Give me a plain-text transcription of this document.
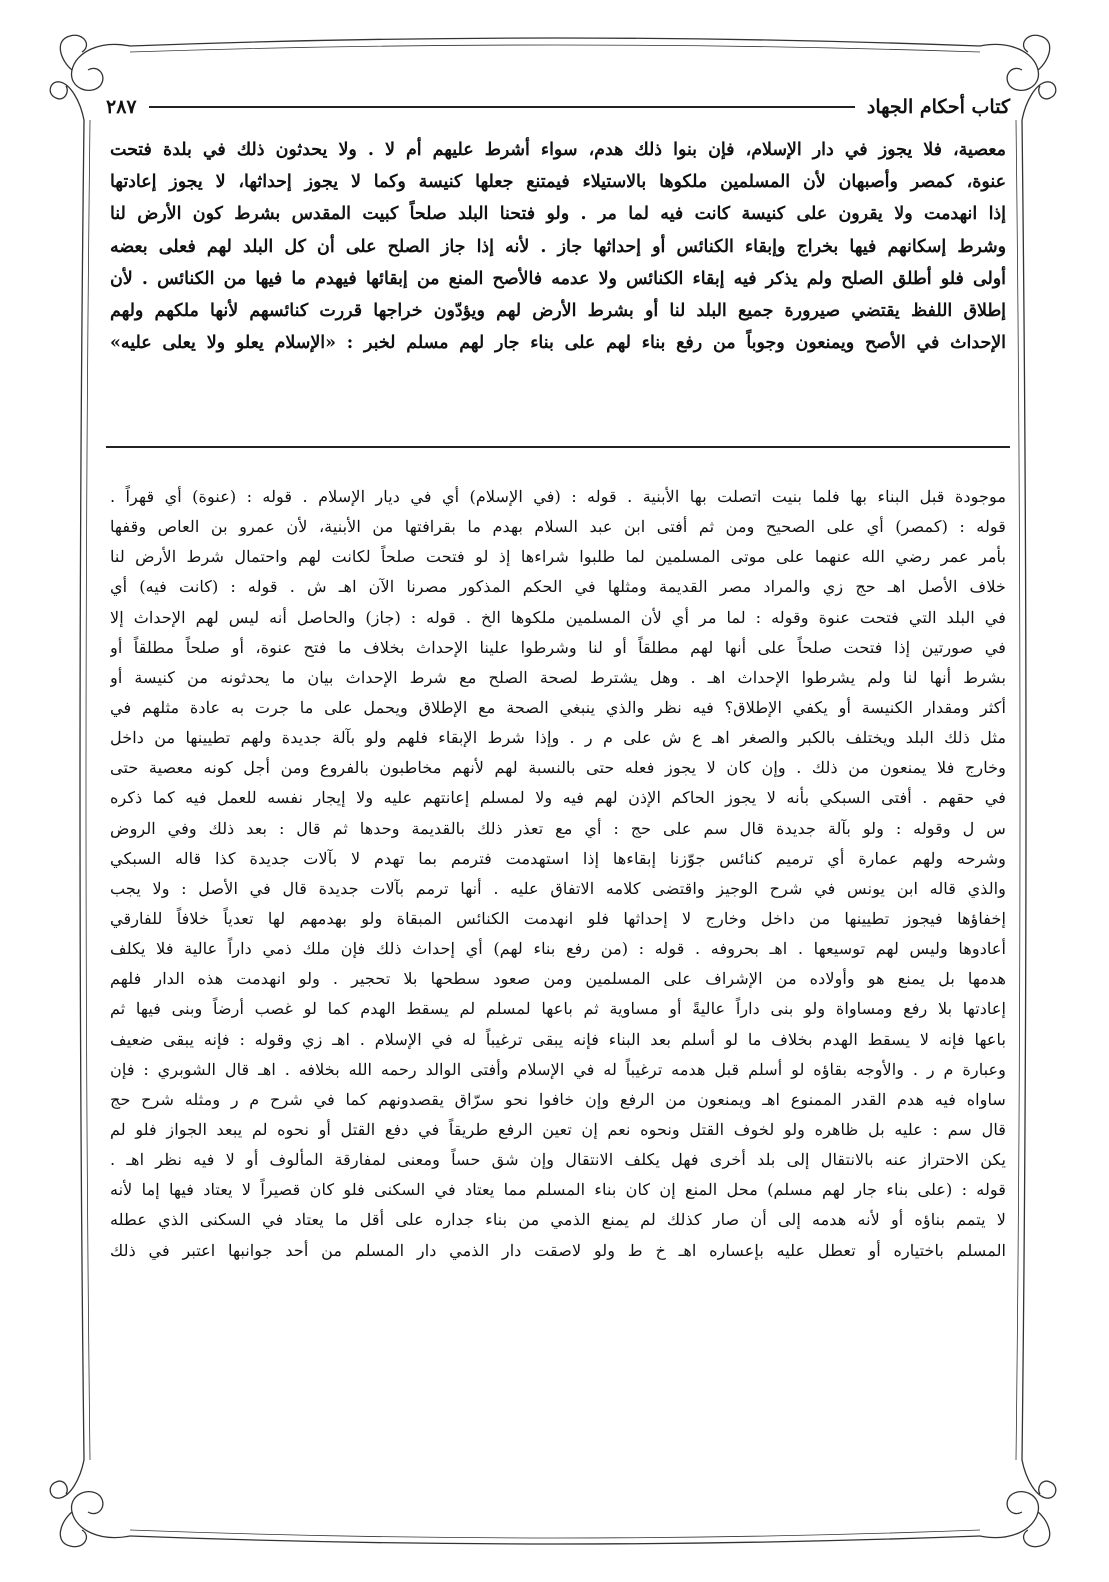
كتاب أحكام الجهاد
٢٨٧
معصية، فلا يجوز في دار الإسلام، فإن بنوا ذلك هدم، سواء أشرط عليهم أم لا . ولا يحدثون ذلك في بلدة فتحت
عنوة، كمصر وأصبهان لأن المسلمين ملكوها بالاستيلاء فيمتنع جعلها كنيسة وكما لا يجوز إحداثها، لا يجوز إعادتها
إذا انهدمت ولا يقرون على كنيسة كانت فيه لما مر . ولو فتحنا البلد صلحاً كبيت المقدس بشرط كون الأرض لنا
وشرط إسكانهم فيها بخراج وإبقاء الكنائس أو إحداثها جاز . لأنه إذا جاز الصلح على أن كل البلد لهم فعلى بعضه
أولى فلو أطلق الصلح ولم يذكر فيه إبقاء الكنائس ولا عدمه فالأصح المنع من إبقائها فيهدم ما فيها من الكنائس . لأن
إطلاق اللفظ يقتضي صيرورة جميع البلد لنا أو بشرط الأرض لهم ويؤدّون خراجها قررت كنائسهم لأنها ملكهم ولهم
الإحداث في الأصح ويمنعون وجوباً من رفع بناء لهم على بناء جار لهم مسلم لخبر : «الإسلام يعلو ولا يعلى عليه»
موجودة قبل البناء بها فلما بنيت اتصلت بها الأبنية . قوله : (في الإسلام) أي في ديار الإسلام . قوله : (عنوة) أي قهراً .
قوله : (كمصر) أي على الصحيح ومن ثم أفتى ابن عبد السلام بهدم ما بقرافتها من الأبنية، لأن عمرو بن العاص وقفها
بأمر عمر رضي الله عنهما على موتى المسلمين لما طلبوا شراءها إذ لو فتحت صلحاً لكانت لهم واحتمال شرط الأرض لنا
خلاف الأصل اهـ حج زي والمراد مصر القديمة ومثلها في الحكم المذكور مصرنا الآن اهـ ش . قوله : (كانت فيه) أي
في البلد التي فتحت عنوة وقوله : لما مر أي لأن المسلمين ملكوها الخ . قوله : (جاز) والحاصل أنه ليس لهم الإحداث إلا
في صورتين إذا فتحت صلحاً على أنها لهم مطلقاً أو لنا وشرطوا علينا الإحداث بخلاف ما فتح عنوة، أو صلحاً مطلقاً أو
بشرط أنها لنا ولم يشرطوا الإحداث اهـ . وهل يشترط لصحة الصلح مع شرط الإحداث بيان ما يحدثونه من كنيسة أو
أكثر ومقدار الكنيسة أو يكفي الإطلاق؟ فيه نظر والذي ينبغي الصحة مع الإطلاق ويحمل على ما جرت به عادة مثلهم في
مثل ذلك البلد ويختلف بالكبر والصغر اهـ ع ش على م ر . وإذا شرط الإبقاء فلهم ولو بآلة جديدة ولهم تطيينها من داخل
وخارج فلا يمنعون من ذلك . وإن كان لا يجوز فعله حتى بالنسبة لهم لأنهم مخاطبون بالفروع ومن أجل كونه معصية حتى
في حقهم . أفتى السبكي بأنه لا يجوز الحاكم الإذن لهم فيه ولا لمسلم إعانتهم عليه ولا إيجار نفسه للعمل فيه كما ذكره
س ل وقوله : ولو بآلة جديدة قال سم على حج : أي مع تعذر ذلك بالقديمة وحدها ثم قال : بعد ذلك وفي الروض
وشرحه ولهم عمارة أي ترميم كنائس جوّزنا إبقاءها إذا استهدمت فترمم بما تهدم لا بآلات جديدة كذا قاله السبكي
والذي قاله ابن يونس في شرح الوجيز واقتضى كلامه الاتفاق عليه . أنها ترمم بآلات جديدة قال في الأصل : ولا يجب
إخفاؤها فيجوز تطيينها من داخل وخارج لا إحداثها فلو انهدمت الكنائس المبقاة ولو بهدمهم لها تعدياً خلافاً للفارقي
أعادوها وليس لهم توسيعها . اهـ بحروفه . قوله : (من رفع بناء لهم) أي إحداث ذلك فإن ملك ذمي داراً عالية فلا يكلف
هدمها بل يمنع هو وأولاده من الإشراف على المسلمين ومن صعود سطحها بلا تحجير . ولو انهدمت هذه الدار فلهم
إعادتها بلا رفع ومساواة ولو بنى داراً عاليةً أو مساوية ثم باعها لمسلم لم يسقط الهدم كما لو غصب أرضاً وبنى فيها ثم
باعها فإنه لا يسقط الهدم بخلاف ما لو أسلم بعد البناء فإنه يبقى ترغيباً له في الإسلام . اهـ زي وقوله : فإنه يبقى ضعيف
وعبارة م ر . والأوجه بقاؤه لو أسلم قبل هدمه ترغيباً له في الإسلام وأفتى الوالد رحمه الله بخلافه . اهـ قال الشوبري : فإن
ساواه فيه هدم القدر الممنوع اهـ ويمنعون من الرفع وإن خافوا نحو سرّاق يقصدونهم كما في شرح م ر ومثله شرح حج
قال سم : عليه بل ظاهره ولو لخوف القتل ونحوه نعم إن تعين الرفع طريقاً في دفع القتل أو نحوه لم يبعد الجواز فلو لم
يكن الاحتراز عنه بالانتقال إلى بلد أخرى فهل يكلف الانتقال وإن شق حساً ومعنى لمفارقة المألوف أو لا فيه نظر اهـ .
قوله : (على بناء جار لهم مسلم) محل المنع إن كان بناء المسلم مما يعتاد في السكنى فلو كان قصيراً لا يعتاد فيها إما لأنه
لا يتمم بناؤه أو لأنه هدمه إلى أن صار كذلك لم يمنع الذمي من بناء جداره على أقل ما يعتاد في السكنى الذي عطله
المسلم باختياره أو تعطل عليه بإعساره اهـ خ ط ولو لاصقت دار الذمي دار المسلم من أحد جوانبها اعتبر في ذلك
